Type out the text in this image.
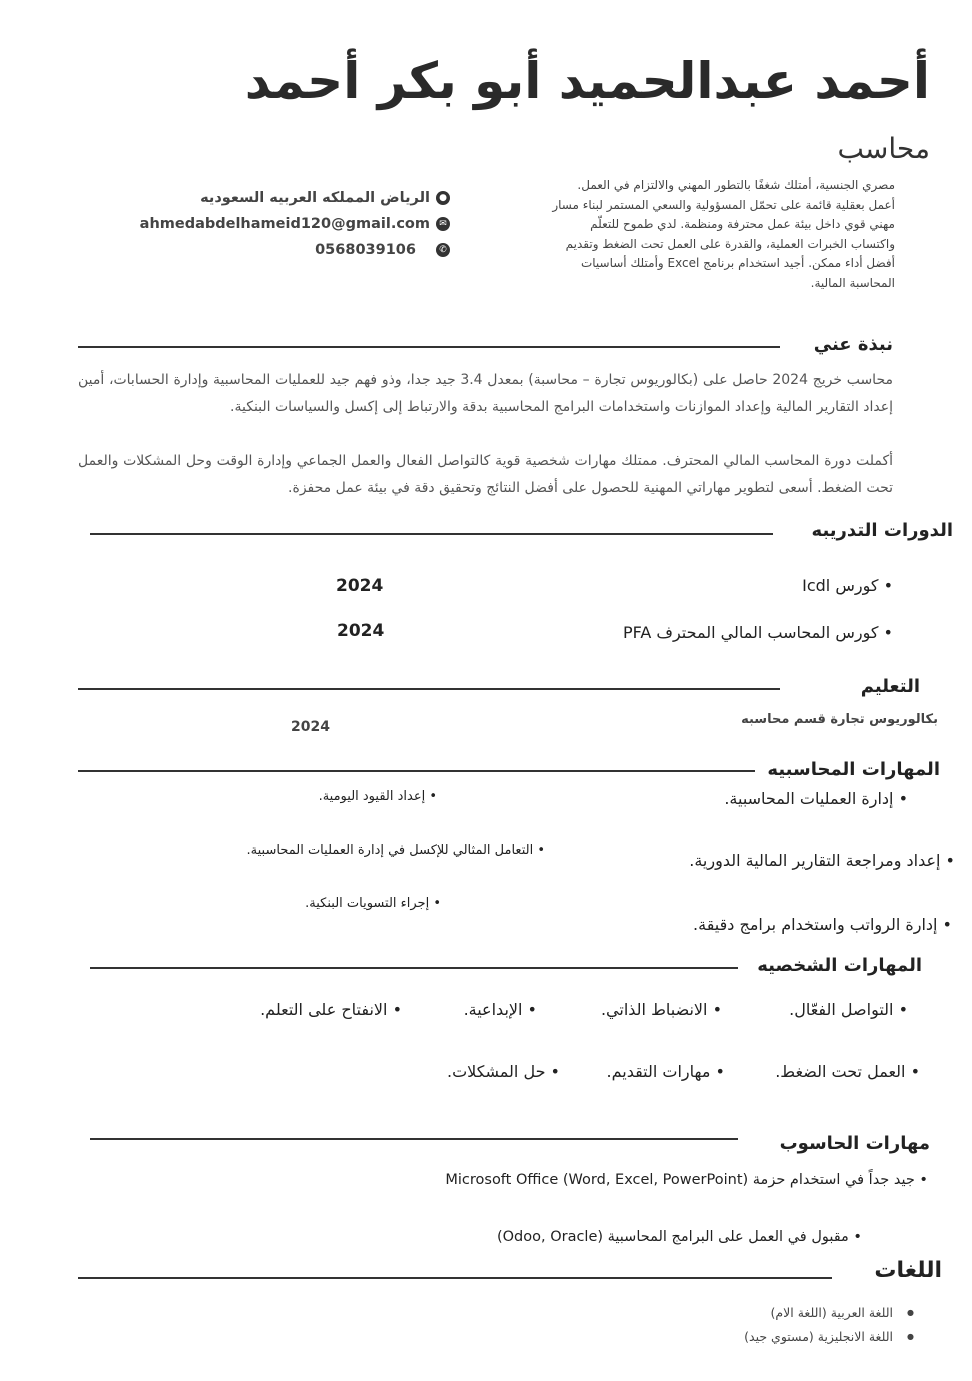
أحمد عبدالحميد أبو بكر أحمد
محاسب
مصري الجنسية، أمتلك شغفًا بالتطور المهني والالتزام في العمل. أعمل بعقلية قائمة على تحمّل المسؤولية والسعي المستمر لبناء مسار مهني قوي داخل بيئة عمل محترفة ومنظمة. لدي طموح للتعلّم واكتساب الخبرات العملية، والقدرة على العمل تحت الضغط وتقديم أفضل أداء ممكن. أجيد استخدام برنامج Excel وأمتلك أساسيات المحاسبة المالية.
الرياض المملكه العربيه السعوديه	●
ahmedabdelhameid120@gmail.com	✉
0568039106	✆
نبذة عني
محاسب خريج 2024 حاصل على (بكالوريوس تجارة – محاسبة) بمعدل 3.4 جيد جدا، وذو فهم جيد للعمليات المحاسبية وإدارة الحسابات، أمين إعداد التقارير المالية وإعداد الموازنات واستخدامات البرامج المحاسبية بدقة والارتباط إلى إكسل والسياسات البنكية.
أكملت دورة المحاسب المالي المحترف. ممتلك مهارات شخصية قوية كالتواصل الفعال والعمل الجماعي وإدارة الوقت وحل المشكلات والعمل تحت الضغط. أسعى لتطوير مهاراتي المهنية للحصول على أفضل النتائج وتحقيق دقة في بيئة عمل محفزة.
الدورات التدريبه
• كورس Icdl
2024
• كورس المحاسب المالي المحترف PFA
2024
التعليم
بكالوريوس تجارة قسم محاسبه
2024
المهارات المحاسبيه
• إدارة العمليات المحاسبية.
• إعداد ومراجعة التقارير المالية الدورية.
• إدارة الرواتب واستخدام برامج دقيقة.
• إعداد القيود اليومية.
• التعامل المثالي للإكسل في إدارة العمليات المحاسبية.
• إجراء التسويات البنكية.
المهارات الشخصيه
• التواصل الفعّال.
• الانضباط الذاتي.
• الإبداعية.
• الانفتاح على التعلم.
• العمل تحت الضغط.
• مهارات التقديم.
• حل المشكلات.
مهارات الحاسوب
• جيد جداً في استخدام حزمة Microsoft Office (Word, Excel, PowerPoint)
• مقبول في العمل على البرامج المحاسبية (Odoo, Oracle)
اللغات
● اللغة العربية (اللغة الام)
● اللغة الانجليزية (مستوي جيد)
